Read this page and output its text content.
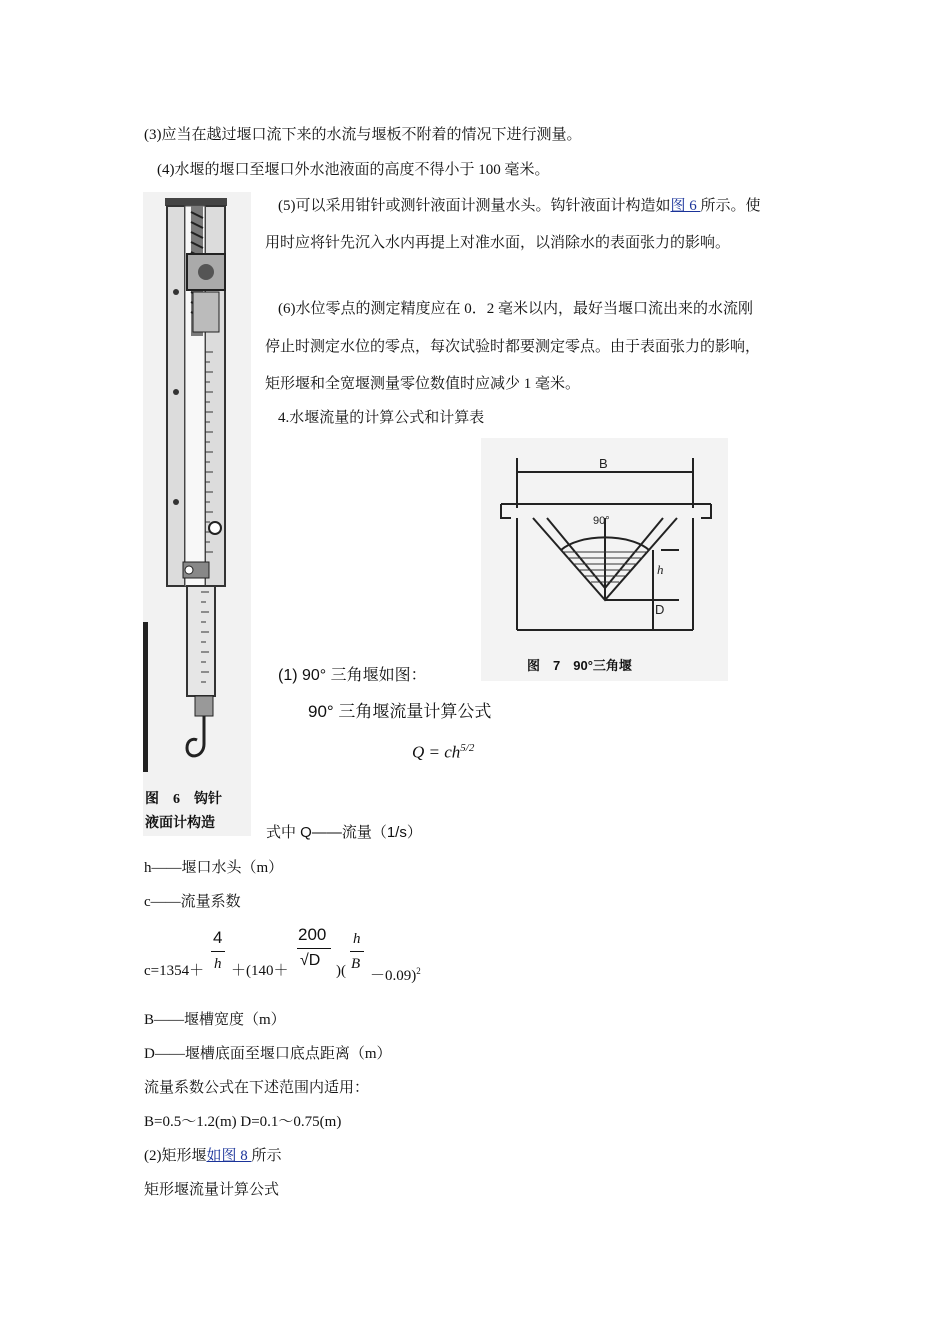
(3)应当在越过堰口流下来的水流与堰板不附着的情况下进行测量。
(4)水堰的堰口至堰口外水池液面的高度不得小于 100 毫米。
图　6　钩针
液面计构造
(5)可以采用钳针或测针液面计测量水头。钩针液面计构造如图 6 所示。使
用时应将针先沉入水内再提上对准水面，以消除水的表面张力的影响。
(6)水位零点的测定精度应在 0．2 毫米以内，最好当堰口流出来的水流刚
停止时测定水位的零点，每次试验时都要测定零点。由于表面张力的影响，
矩形堰和全宽堰测量零位数值时应减少 1 毫米。
4.水堰流量的计算公式和计算表
B
90°
h
D
图　7　90°三角堰
(1) 90° 三角堰如图：
90° 三角堰流量计算公式
$Q = ch^{5/2}$
式中 Q——流量（1/s）
h——堰口水头（m）
c——流量系数
c=1354＋
4
h ＋(140＋
200
√D
)(
h
B
－0.09)$^2$
B——堰槽宽度（m）
D——堰槽底面至堰口底点距离（m）
流量系数公式在下述范围内适用：
B=0.5～1.2(m) D=0.1～0.75(m)
(2)矩形堰如图 8 所示
矩形堰流量计算公式
